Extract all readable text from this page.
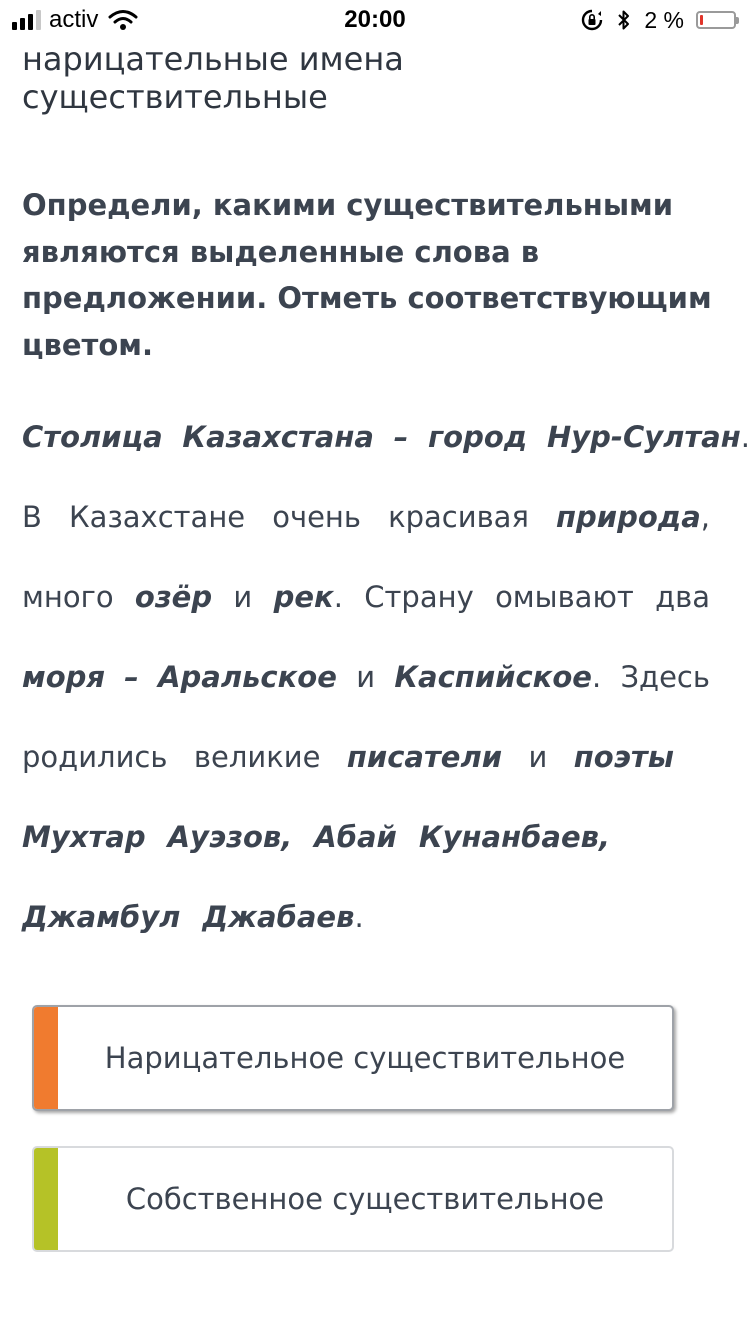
activ	20:00	2 %
нарицательные имена
существительные
Определи, какими существительными являются выделенные слова в предложении. Отметь соответствующим цветом.
Столица Казахстана – город Нур-Султан.
В Казахстане очень красивая природа,
много озёр и рек. Страну омывают два
моря – Аральское и Каспийское. Здесь
родились великие писатели и поэты
Мухтар Ауэзов, Абай Кунанбаев,
Джамбул Джабаев.
Нарицательное существительное
Собственное существительное
